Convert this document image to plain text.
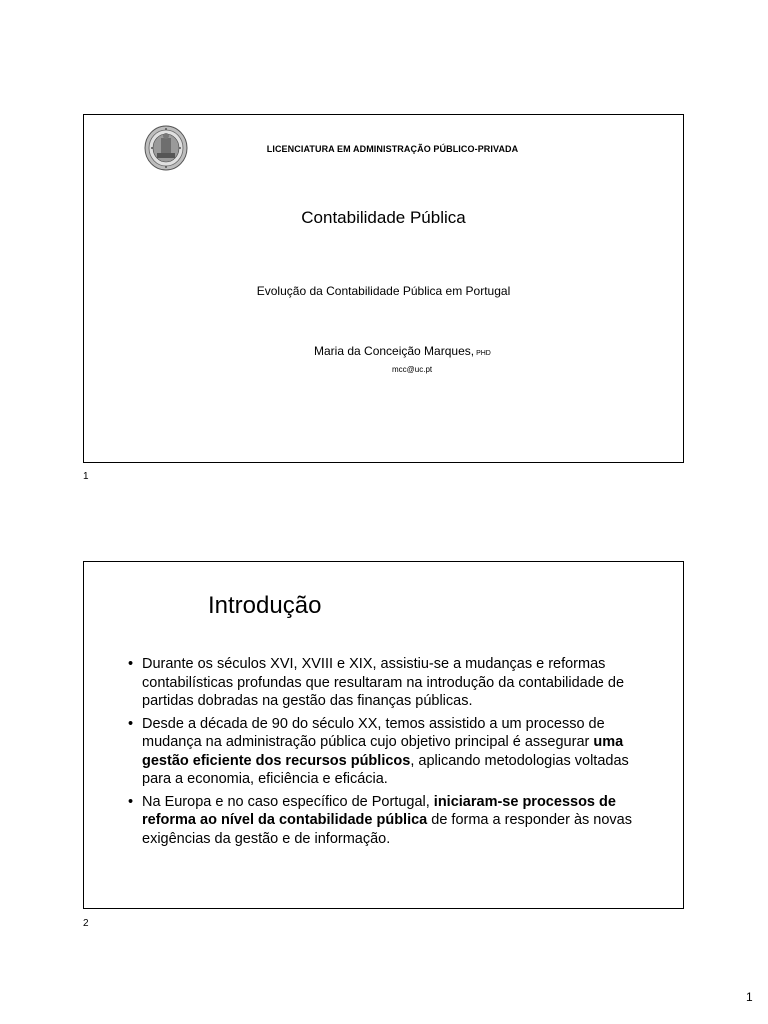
LICENCIATURA EM ADMINISTRAÇÃO PÚBLICO-PRIVADA
Contabilidade Pública
Evolução da Contabilidade Pública em Portugal
Maria da Conceição Marques, PHD
mcc@uc.pt
1
Introdução
• Durante os séculos XVI, XVIII e XIX, assistiu-se a mudanças e reformas contabilísticas profundas que resultaram na introdução da contabilidade de partidas dobradas na gestão das finanças públicas.
• Desde a década de 90 do século XX, temos assistido a um processo de mudança na administração pública cujo objetivo principal é assegurar uma gestão eficiente dos recursos públicos, aplicando metodologias voltadas para a economia, eficiência e eficácia.
• Na Europa e no caso específico de Portugal, iniciaram-se processos de reforma ao nível da contabilidade pública de forma a responder às novas exigências da gestão e de informação.
2
1
